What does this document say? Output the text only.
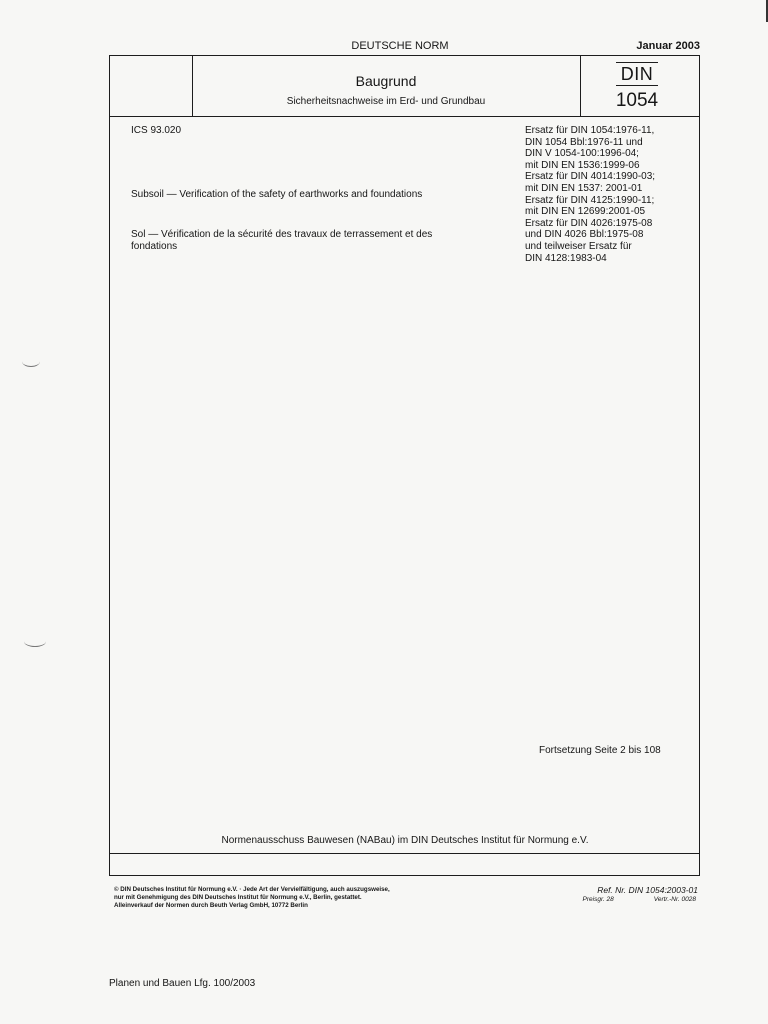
DEUTSCHE NORM	Januar 2003
Baugrund
Sicherheitsnachweise im Erd- und Grundbau
DIN
1054
ICS 93.020
Subsoil — Verification of the safety of earthworks and foundations
Sol — Vérification de la sécurité des travaux de terrassement et des fondations
Ersatz für DIN 1054:1976-11,
DIN 1054 Bbl:1976-11 und
DIN V 1054-100:1996-04;
mit DIN EN 1536:1999-06
Ersatz für DIN 4014:1990-03;
mit DIN EN 1537: 2001-01
Ersatz für DIN 4125:1990-11;
mit DIN EN 12699:2001-05
Ersatz für DIN 4026:1975-08
und DIN 4026 Bbl:1975-08
und teilweiser Ersatz für
DIN 4128:1983-04
Fortsetzung Seite 2 bis 108
Normenausschuss Bauwesen (NABau) im DIN Deutsches Institut für Normung e.V.
© DIN Deutsches Institut für Normung e.V. · Jede Art der Vervielfältigung, auch auszugsweise,
nur mit Genehmigung des DIN Deutsches Institut für Normung e.V., Berlin, gestattet.
Alleinverkauf der Normen durch Beuth Verlag GmbH, 10772 Berlin
Ref. Nr. DIN 1054:2003-01
Preisgr. 28	Vertr.-Nr. 0028
Planen und Bauen Lfg. 100/2003
